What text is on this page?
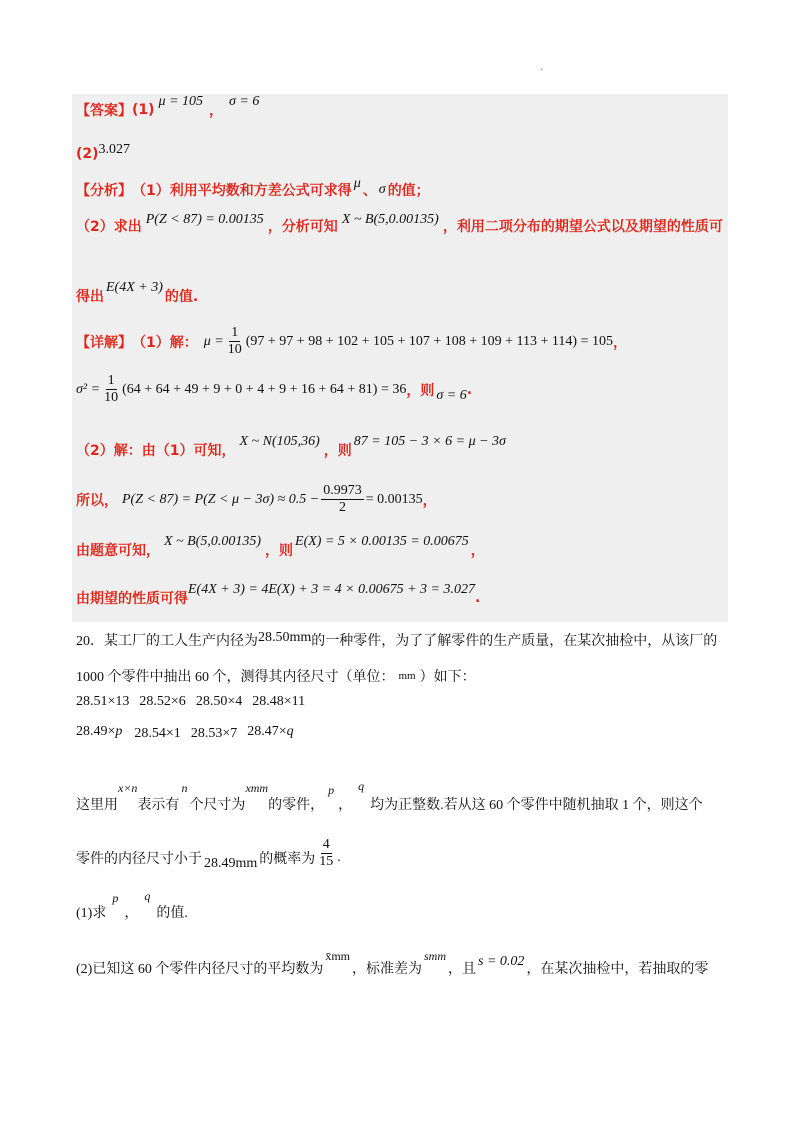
.
【答案】 (1)
μ = 105
，
σ = 6
(2) 3.027
【分析】 （1）利用平均数和方差公式可求得 μ 、 σ 的值；
（2）求出 P(Z < 87) = 0.00135 ，分析可知 X ~ B(5,0.00135) ，利用二项分布的期望公式以及期望的性质可
得出
E(4X + 3)
的值.
【详解】 （1）解： $\mu = \frac{1}{10} (97 + 97 + 98 + 102 + 105 + 107 + 108 + 109 + 113 + 114) = 105$ ，
$\sigma^2 = \frac{1}{10} (64 + 64 + 49 + 9 + 0 + 4 + 9 + 16 + 64 + 81) = 36$ ，则 σ = 6 .
（2）解：由（1）可知，
X ~ N(105,36)
，则
87 = 105 − 3 × 6 = μ − 3σ
所以， $P(Z < 87) = P(Z < \mu - 3\sigma) \approx 0.5 - \frac{0.9973}{2} = 0.00135$ ，
由题意可知，
X ~ B(5,0.00135)
，则
E(X) = 5 × 0.00135 = 0.00675
，
由期望的性质可得
E(4X + 3) = 4E(X) + 3 = 4 × 0.00675 + 3 = 3.027
.
20．某工厂的工人生产内径为 28.50mm 的一种零件，为了了解零件的生产质量，在某次抽检中，从该厂的
1000 个零件中抽出 60 个，测得其内径尺寸（单位： mm ）如下：
28.51×13 28.52×6 28.50×4 28.48×11
28.49× p 28.54×1 28.53×7 28.47× q
这里用
x×n
表示有
n
个尺寸为
xmm
的零件，
p
，
q
均为正整数.若从这 60 个零件中随机抽取 1 个，则这个
零件的内径尺寸小于 28.49mm 的概率为 $\frac{4}{15}$ .
(1)求
p
，
q
的值.
(2)已知这 60 个零件内径尺寸的平均数为
x̄mm
，标准差为
smm
，且
s = 0.02
，在某次抽检中，若抽取的零
